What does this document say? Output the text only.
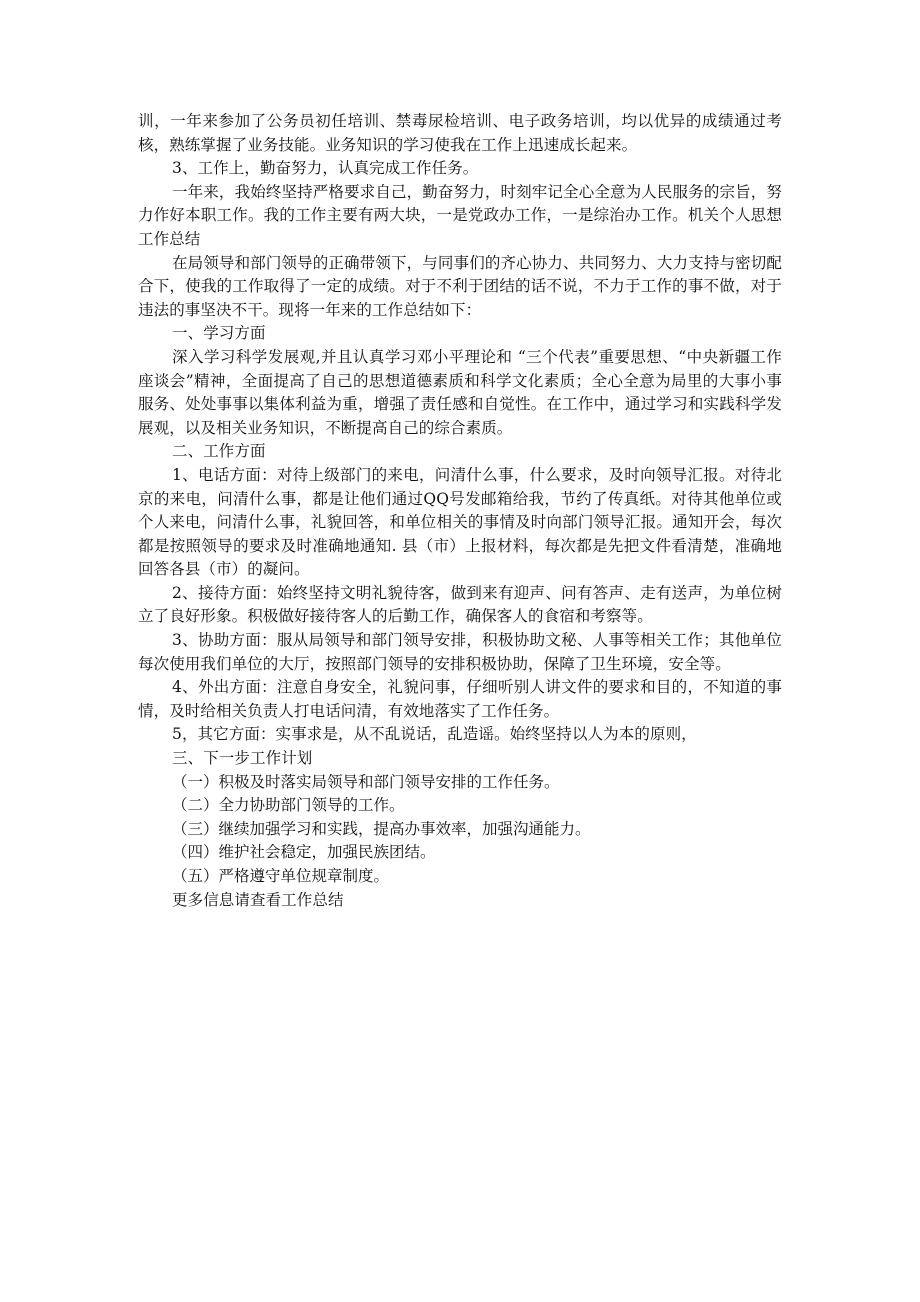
训，一年来参加了公务员初任培训、禁毒尿检培训、电子政务培训，均以优异的成绩通过考核，熟练掌握了业务技能。业务知识的学习使我在工作上迅速成长起来。

3、工作上，勤奋努力，认真完成工作任务。

一年来，我始终坚持严格要求自己，勤奋努力，时刻牢记全心全意为人民服务的宗旨，努力作好本职工作。我的工作主要有两大块，一是党政办工作，一是综治办工作。机关个人思想工作总结

在局领导和部门领导的正确带领下，与同事们的齐心协力、共同努力、大力支持与密切配合下，使我的工作取得了一定的成绩。对于不利于团结的话不说，不力于工作的事不做，对于违法的事坚决不干。现将一年来的工作总结如下：

一、学习方面

深入学习科学发展观,并且认真学习邓小平理论和 “三个代表”重要思想、“中央新疆工作座谈会”精神，全面提高了自己的思想道德素质和科学文化素质；全心全意为局里的大事小事服务、处处事事以集体利益为重，增强了责任感和自觉性。在工作中，通过学习和实践科学发展观，以及相关业务知识，不断提高自己的综合素质。

二、工作方面

1、电话方面：对待上级部门的来电，问清什么事，什么要求，及时向领导汇报。对待北京的来电，问清什么事，都是让他们通过QQ号发邮箱给我，节约了传真纸。对待其他单位或个人来电，问清什么事，礼貌回答，和单位相关的事情及时向部门领导汇报。通知开会，每次都是按照领导的要求及时准确地通知. 县（市）上报材料，每次都是先把文件看清楚，准确地回答各县（市）的凝问。

2、接待方面：始终坚持文明礼貌待客，做到来有迎声、问有答声、走有送声，为单位树立了良好形象。积极做好接待客人的后勤工作，确保客人的食宿和考察等。

3、协助方面：服从局领导和部门领导安排，积极协助文秘、人事等相关工作；其他单位每次使用我们单位的大厅，按照部门领导的安排积极协助，保障了卫生环境，安全等。

4、外出方面：注意自身安全，礼貌问事，仔细听别人讲文件的要求和目的，不知道的事情，及时给相关负责人打电话问清，有效地落实了工作任务。

5，其它方面：实事求是，从不乱说话，乱造谣。始终坚持以人为本的原则，

三、下一步工作计划

（一）积极及时落实局领导和部门领导安排的工作任务。

（二）全力协助部门领导的工作。

（三）继续加强学习和实践，提高办事效率，加强沟通能力。

（四）维护社会稳定，加强民族团结。

（五）严格遵守单位规章制度。

更多信息请查看工作总结
